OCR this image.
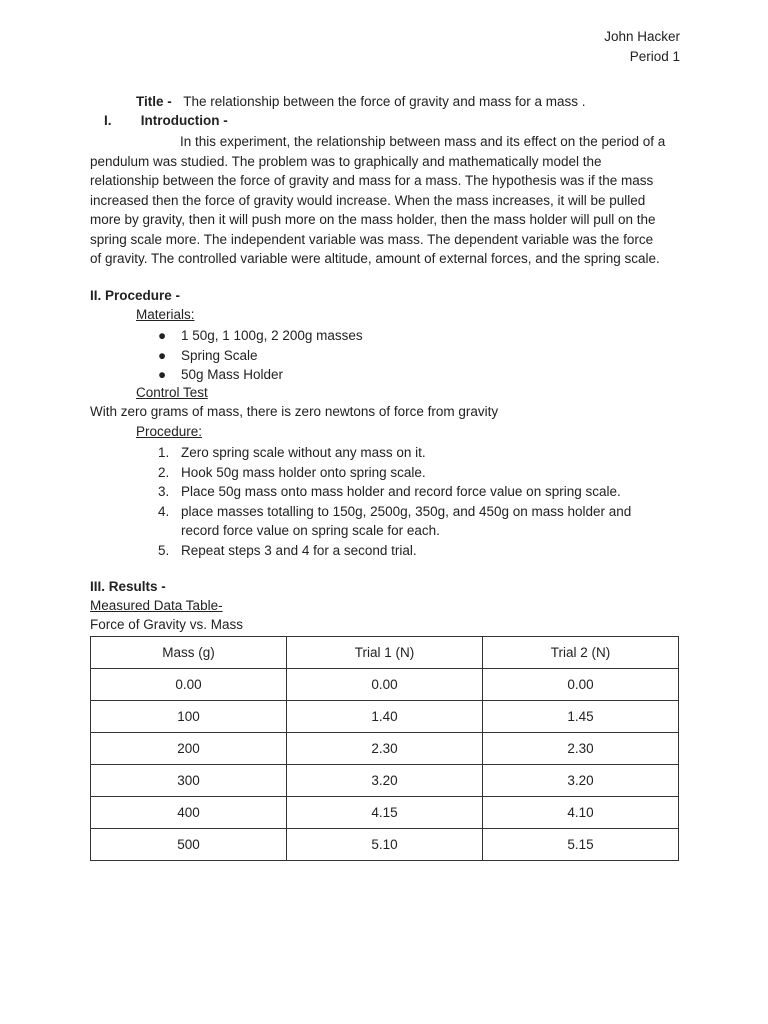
John Hacker
Period 1
Title - The relationship between the force of gravity and mass for a mass .
I. Introduction -
In this experiment, the relationship between mass and its effect on the period of a
pendulum was studied. The problem was to graphically and mathematically model the
relationship between the force of gravity and mass for a mass. The hypothesis was if the mass
increased then the force of gravity would increase. When the mass increases, it will be pulled
more by gravity, then it will push more on the mass holder, then the mass holder will pull on the
spring scale more. The independent variable was mass. The dependent variable was the force
of gravity. The controlled variable were altitude, amount of external forces, and the spring scale.
II. Procedure -
Materials:
● 1 50g, 1 100g, 2 200g masses
● Spring Scale
● 50g Mass Holder
Control Test
With zero grams of mass, there is zero newtons of force from gravity
Procedure:
1. Zero spring scale without any mass on it.
2. Hook 50g mass holder onto spring scale.
3. Place 50g mass onto mass holder and record force value on spring scale.
4. place masses totalling to 150g, 2500g, 350g, and 450g on mass holder and
record force value on spring scale for each.
5. Repeat steps 3 and 4 for a second trial.
III. Results -
Measured Data Table-
Force of Gravity vs. Mass
Mass (g)	Trial 1 (N)	Trial 2 (N)
0.00	0.00	0.00
100	1.40	1.45
200	2.30	2.30
300	3.20	3.20
400	4.15	4.10
500	5.10	5.15
